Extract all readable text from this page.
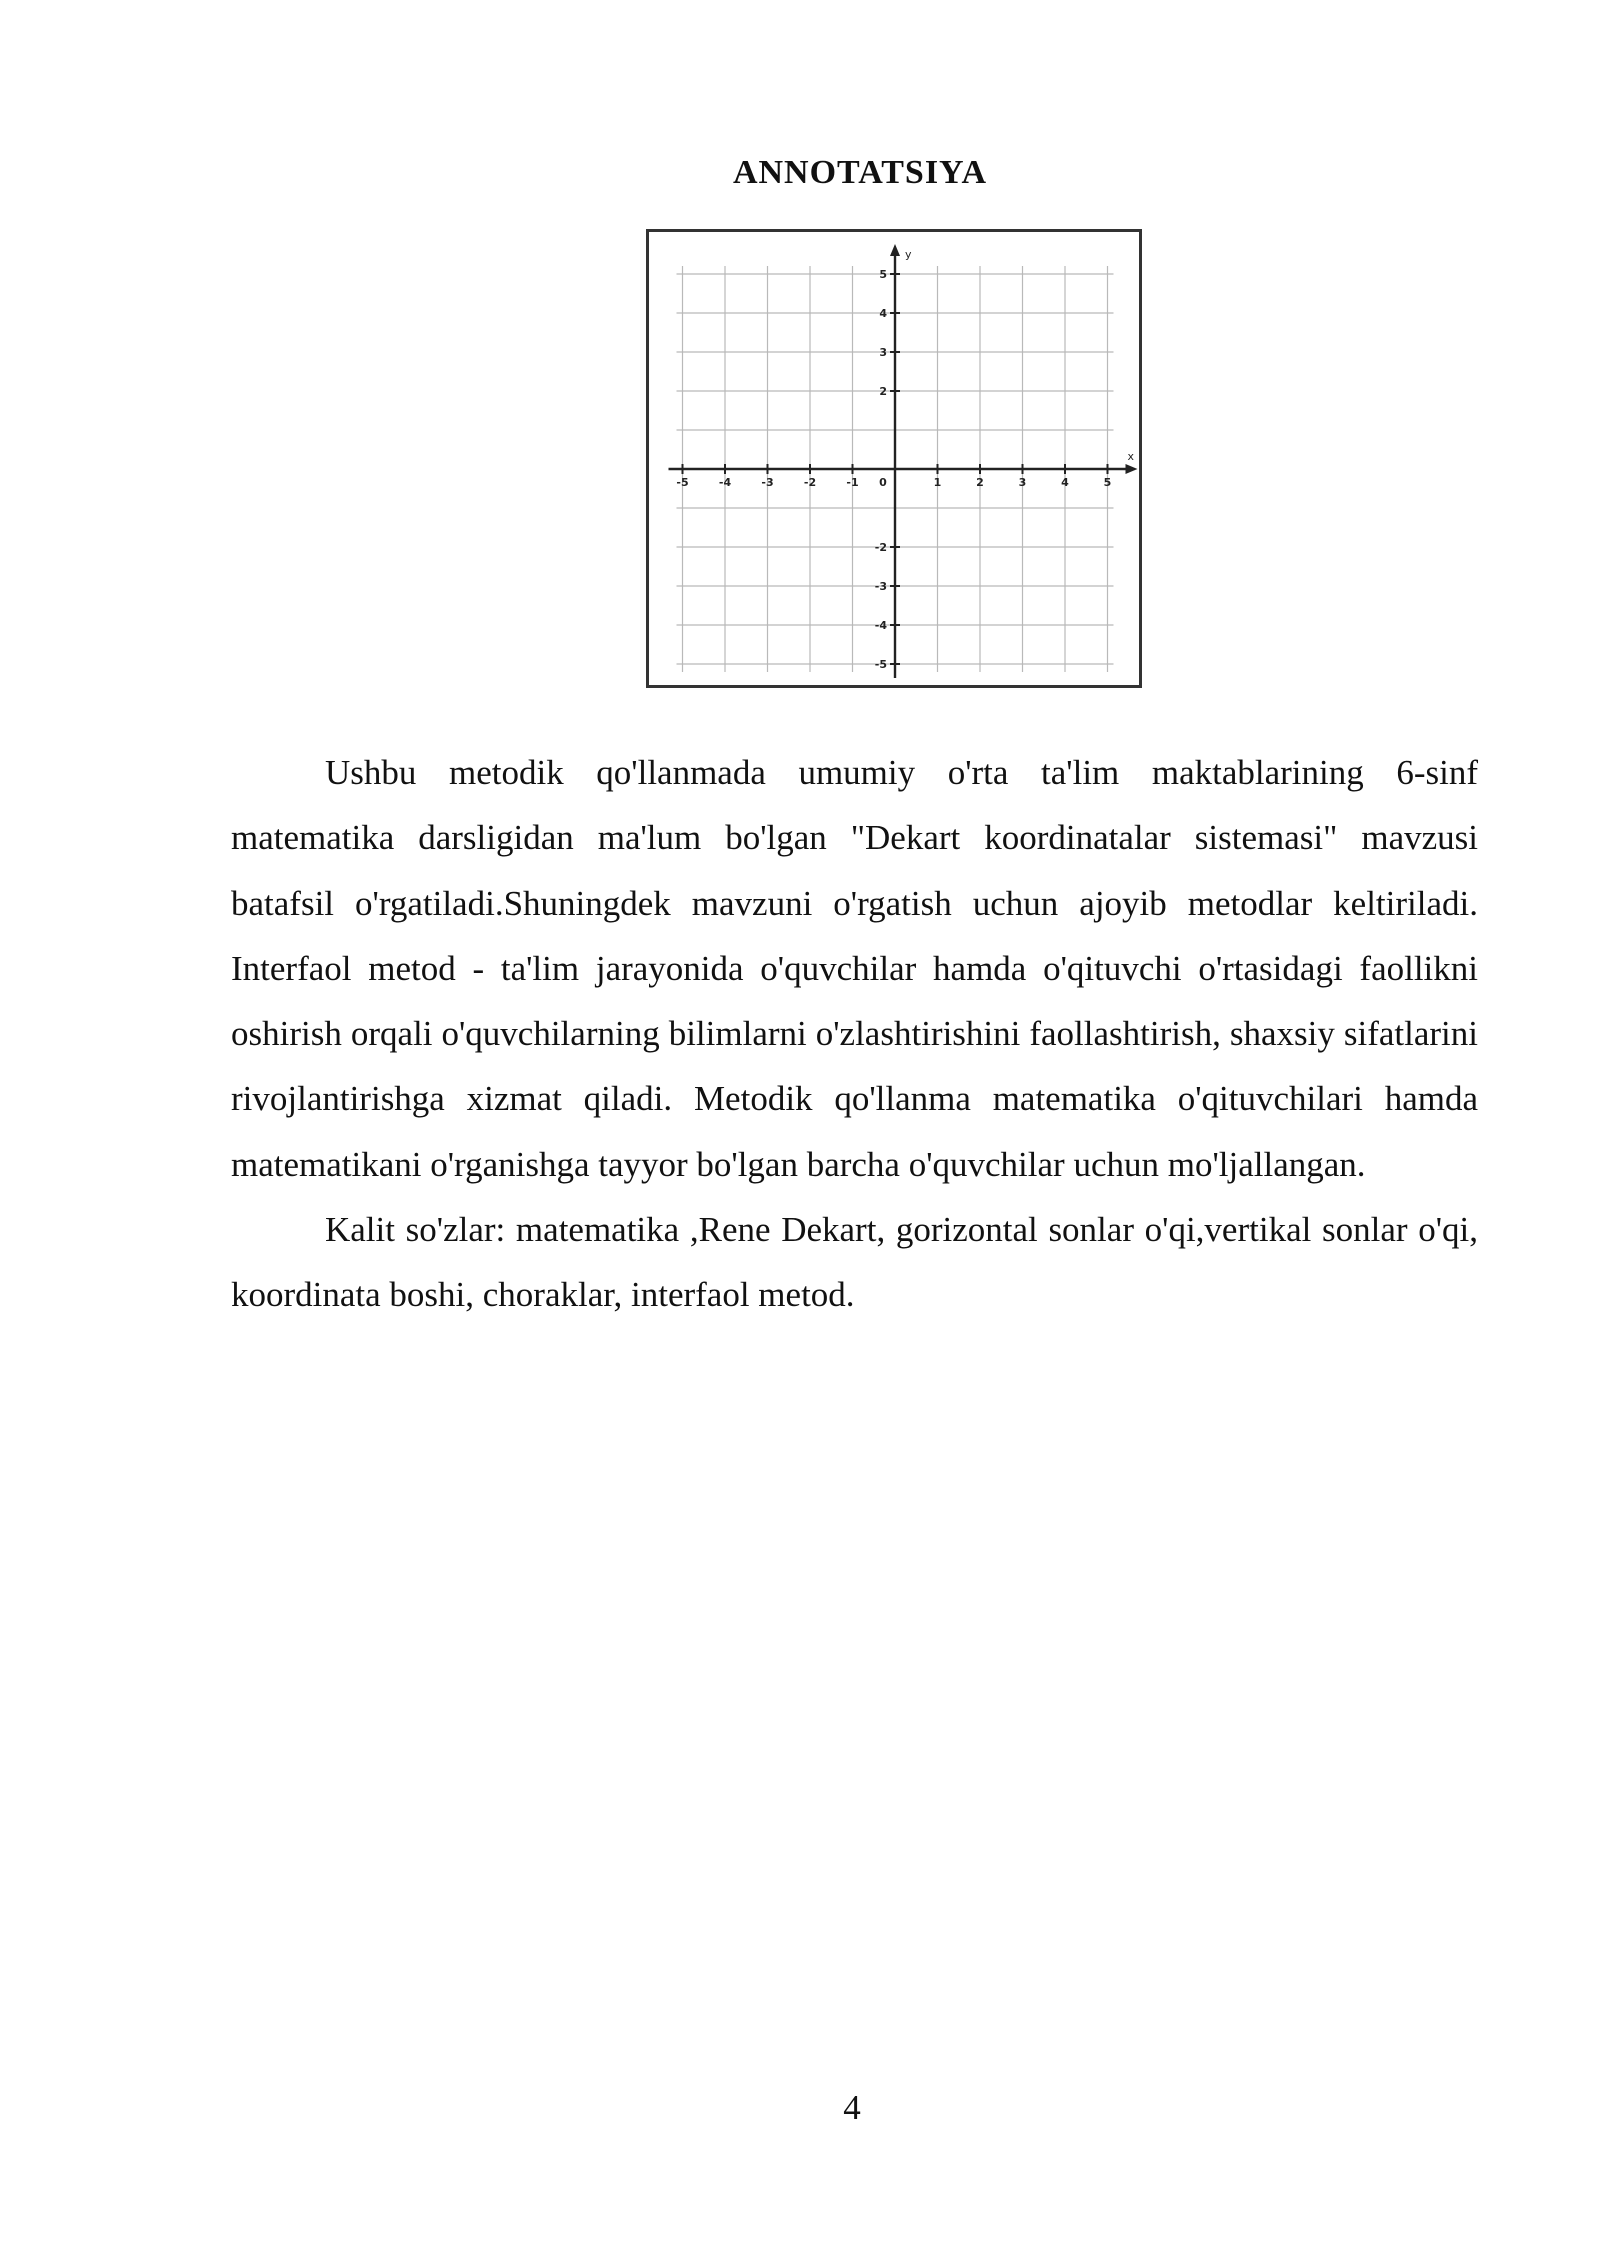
ANNOTATSIYA
x
y
-5	-4	-3	-2	-1 0	1	2	3	4	5
5
4
3
2
-2
-3
-4
-5

Ushbu metodik qo'llanmada umumiy o'rta ta'lim maktablarining 6-sinf matematika darsligidan ma'lum bo'lgan "Dekart koordinatalar sistemasi" mavzusi batafsil o'rgatiladi.Shuningdek mavzuni o'rgatish uchun ajoyib metodlar keltiriladi. Interfaol metod - ta'lim jarayonida o'quvchilar hamda o'qituvchi o'rtasidagi faollikni oshirish orqali o'quvchilarning bilimlarni o'zlashtirishini faollashtirish, shaxsiy sifatlarini rivojlantirishga xizmat qiladi. Metodik qo'llanma matematika o'qituvchilari hamda matematikani o'rganishga tayyor bo'lgan barcha o'quvchilar uchun mo'ljallangan.

Kalit so'zlar: matematika ,Rene Dekart, gorizontal sonlar o'qi,vertikal sonlar o'qi, koordinata boshi, choraklar, interfaol metod.

4
